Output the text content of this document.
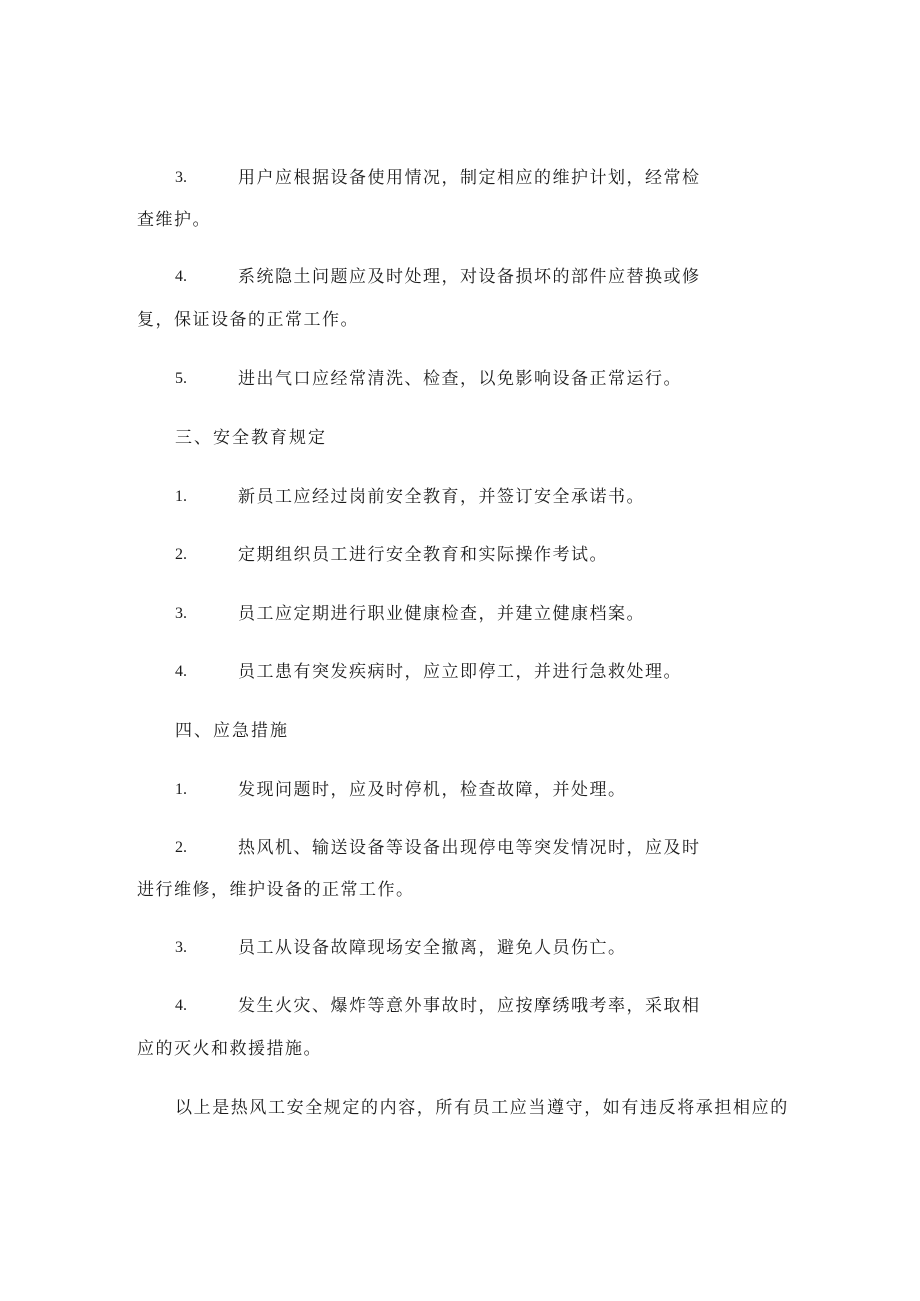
3.	用户应根据设备使用情况，制定相应的维护计划，经常检
查维护。
4.	系统隐土问题应及时处理，对设备损坏的部件应替换或修
复，保证设备的正常工作。
5.	进出气口应经常清洗、检查，以免影响设备正常运行。
三、安全教育规定
1.	新员工应经过岗前安全教育，并签订安全承诺书。
2.	定期组织员工进行安全教育和实际操作考试。
3.	员工应定期进行职业健康检查，并建立健康档案。
4.	员工患有突发疾病时，应立即停工，并进行急救处理。
四、应急措施
1.	发现问题时，应及时停机，检查故障，并处理。
2.	热风机、输送设备等设备出现停电等突发情况时，应及时
进行维修，维护设备的正常工作。
3.	员工从设备故障现场安全撤离，避免人员伤亡。
4.	发生火灾、爆炸等意外事故时，应按摩绣哦考率，采取相
应的灭火和救援措施。
以上是热风工安全规定的内容，所有员工应当遵守，如有违反将承担相应的
